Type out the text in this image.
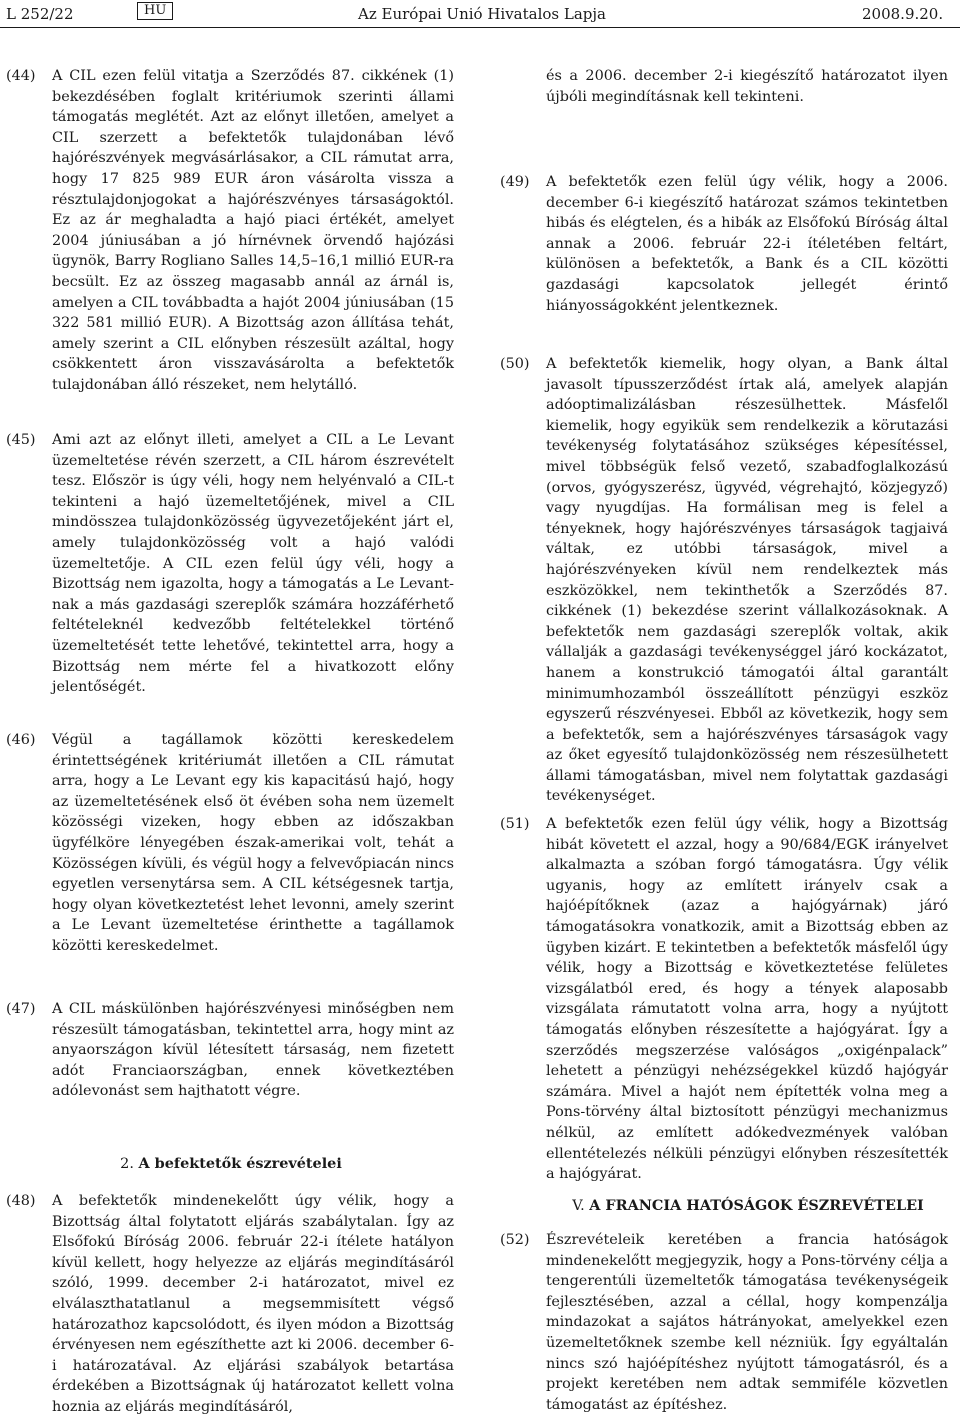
L 252/22	HU	Az Európai Unió Hivatalos Lapja	2008.9.20.
(44) A CIL ezen felül vitatja a Szerződés 87. cikkének (1) bekezdésében foglalt kritériumok szerinti állami támogatás meglétét. Azt az előnyt illetően, amelyet a CIL szerzett a befektetők tulajdonában lévő hajórészvények megvásárlásakor, a CIL rámutat arra, hogy 17 825 989 EUR áron vásárolta vissza a résztulajdonjogokat a hajórészvényes társaságoktól. Ez az ár meghaladta a hajó piaci értékét, amelyet 2004 júniusában a jó hírnévnek örvendő hajózási ügynök, Barry Rogliano Salles 14,5–16,1 millió EUR-ra becsült. Ez az összeg magasabb annál az árnál is, amelyen a CIL továbbadta a hajót 2004 júniusában (15 322 581 millió EUR). A Bizottság azon állítása tehát, amely szerint a CIL előnyben részesült azáltal, hogy csökkentett áron visszavásárolta a befektetők tulajdonában álló részeket, nem helytálló.
(45) Ami azt az előnyt illeti, amelyet a CIL a Le Levant üzemeltetése révén szerzett, a CIL három észrevételt tesz. Először is úgy véli, hogy nem helyénvaló a CIL-t tekinteni a hajó üzemeltetőjének, mivel a CIL mindösszea tulajdonközösség ügyvezetőjeként járt el, amely tulajdonközösség volt a hajó valódi üzemeltetője. A CIL ezen felül úgy véli, hogy a Bizottság nem igazolta, hogy a támogatás a Le Levant-nak a más gazdasági szereplők számára hozzáférhető feltételeknél kedvezőbb feltételekkel történő üzemeltetését tette lehetővé, tekintettel arra, hogy a Bizottság nem mérte fel a hivatkozott előny jelentőségét.
(46) Végül a tagállamok közötti kereskedelem érintettségének kritériumát illetően a CIL rámutat arra, hogy a Le Levant egy kis kapacitású hajó, hogy az üzemeltetésének első öt évében soha nem üzemelt közösségi vizeken, hogy ebben az időszakban ügyfélköre lényegében észak-amerikai volt, tehát a Közösségen kívüli, és végül hogy a felvevőpiacán nincs egyetlen versenytársa sem. A CIL kétségesnek tartja, hogy olyan következtetést lehet levonni, amely szerint a Le Levant üzemeltetése érinthette a tagállamok közötti kereskedelmet.
(47) A CIL máskülönben hajórészvényesi minőségben nem részesült támogatásban, tekintettel arra, hogy mint az anyaországon kívül létesített társaság, nem fizetett adót Franciaországban, ennek következtében adólevonást sem hajthatott végre.
2. A befektetők észrevételei
(48) A befektetők mindenekelőtt úgy vélik, hogy a Bizottság által folytatott eljárás szabálytalan. Így az Elsőfokú Bíróság 2006. február 22-i ítélete hatályon kívül kellett, hogy helyezze az eljárás megindításáról szóló, 1999. december 2-i határozatot, mivel ez elválaszthatatlanul a megsemmisített végső határozathoz kapcsolódott, és ilyen módon a Bizottság érvényesen nem egészíthette azt ki 2006. december 6-i határozatával. Az eljárási szabályok betartása érdekében a Bizottságnak új határozatot kellett volna hoznia az eljárás megindításáról,
és a 2006. december 2-i kiegészítő határozatot ilyen újbóli megindításnak kell tekinteni.
(49) A befektetők ezen felül úgy vélik, hogy a 2006. december 6-i kiegészítő határozat számos tekintetben hibás és elégtelen, és a hibák az Elsőfokú Bíróság által annak a 2006. február 22-i ítéletében feltárt, különösen a befektetők, a Bank és a CIL közötti gazdasági kapcsolatok jellegét érintő hiányosságokként jelentkeznek.
(50) A befektetők kiemelik, hogy olyan, a Bank által javasolt típusszerződést írtak alá, amelyek alapján adóoptimalizálásban részesülhettek. Másfelől kiemelik, hogy egyikük sem rendelkezik a körutazási tevékenység folytatásához szükséges képesítéssel, mivel többségük felső vezető, szabadfoglalkozású (orvos, gyógyszerész, ügyvéd, végrehajtó, közjegyző) vagy nyugdíjas. Ha formálisan meg is felel a tényeknek, hogy hajórészvényes társaságok tagjaivá váltak, ez utóbbi társaságok, mivel a hajórészvényeken kívül nem rendelkeztek más eszközökkel, nem tekinthetők a Szerződés 87. cikkének (1) bekezdése szerint vállalkozásoknak. A befektetők nem gazdasági szereplők voltak, akik vállalják a gazdasági tevékenységgel járó kockázatot, hanem a konstrukció támogatói által garantált minimumhozamból összeállított pénzügyi eszköz egyszerű részvényesei. Ebből az következik, hogy sem a befektetők, sem a hajórészvényes társaságok vagy az őket egyesítő tulajdonközösség nem részesülhetett állami támogatásban, mivel nem folytattak gazdasági tevékenységet.
(51) A befektetők ezen felül úgy vélik, hogy a Bizottság hibát követett el azzal, hogy a 90/684/EGK irányelvet alkalmazta a szóban forgó támogatásra. Úgy vélik ugyanis, hogy az említett irányelv csak a hajóépítőknek (azaz a hajógyárnak) járó támogatásokra vonatkozik, amit a Bizottság ebben az ügyben kizárt. E tekintetben a befektetők másfelől úgy vélik, hogy a Bizottság e következtetése felületes vizsgálatból ered, és hogy a tények alaposabb vizsgálata rámutatott volna arra, hogy a nyújtott támogatás előnyben részesítette a hajógyárat. Így a szerződés megszerzése valóságos „oxigénpalack” lehetett a pénzügyi nehézségekkel küzdő hajógyár számára. Mivel a hajót nem építették volna meg a Pons-törvény által biztosított pénzügyi mechanizmus nélkül, az említett adókedvezmények valóban ellentételezés nélküli pénzügyi előnyben részesítették a hajógyárat.
V. A FRANCIA HATÓSÁGOK ÉSZREVÉTELEI
(52) Észrevételeik keretében a francia hatóságok mindenekelőtt megjegyzik, hogy a Pons-törvény célja a tengerentúli üzemeltetők támogatása tevékenységeik fejlesztésében, azzal a céllal, hogy kompenzálja mindazokat a sajátos hátrányokat, amelyekkel ezen üzemeltetőknek szembe kell nézniük. Így egyáltalán nincs szó hajóépítéshez nyújtott támogatásról, és a projekt keretében nem adtak semmiféle közvetlen támogatást az építéshez.
